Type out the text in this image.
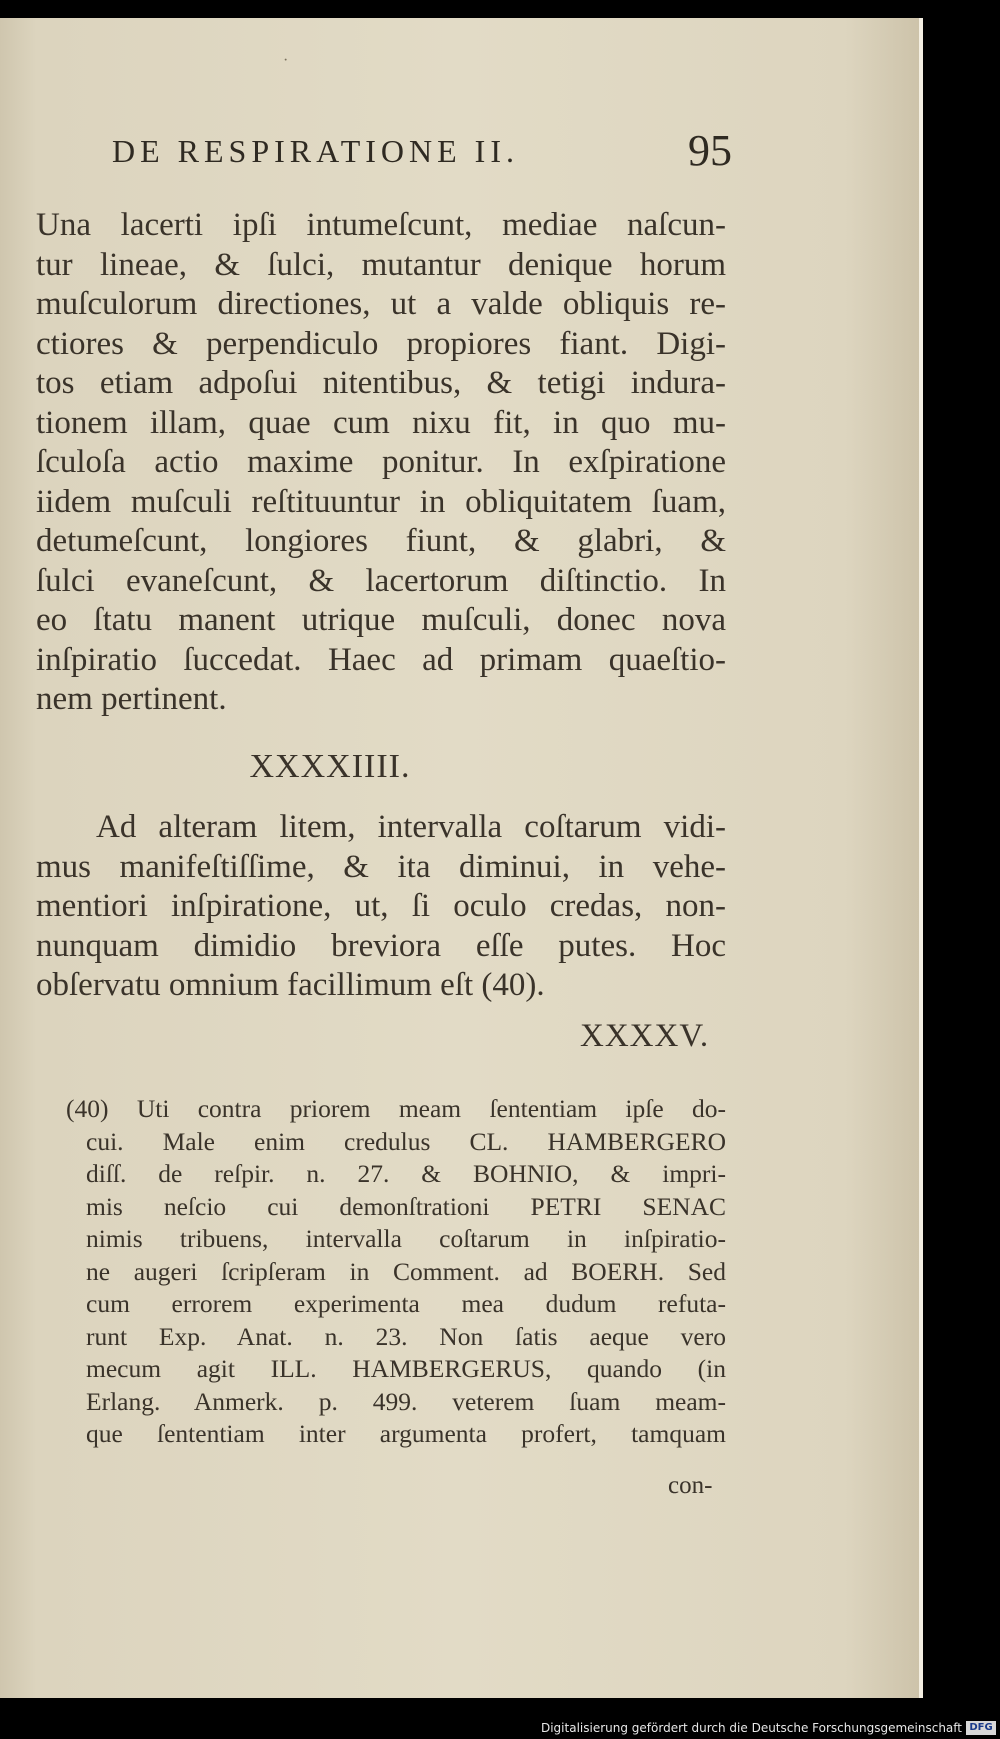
·
DE RESPIRATIONE II.	95
Una lacerti ipſi intumeſcunt, mediae naſcun-
tur lineae, & ſulci, mutantur denique horum
muſculorum directiones, ut a valde obliquis re-
ctiores & perpendiculo propiores fiant. Digi-
tos etiam adpoſui nitentibus, & tetigi indura-
tionem illam, quae cum nixu fit, in quo mu-
ſculoſa actio maxime ponitur. In exſpiratione
iidem muſculi reſtituuntur in obliquitatem ſuam,
detumeſcunt, longiores fiunt, & glabri, &
ſulci evaneſcunt, & lacertorum diſtinctio. In
eo ſtatu manent utrique muſculi, donec nova
inſpiratio ſuccedat. Haec ad primam quaeſtio-
nem pertinent.
XXXXIIII.
Ad alteram litem, intervalla coſtarum vidi-
mus manifeſtiſſime, & ita diminui, in vehe-
mentiori inſpiratione, ut, ſi oculo credas, non-
nunquam dimidio breviora eſſe putes. Hoc
obſervatu omnium facillimum eſt (40).
XXXXV.
(40) Uti contra priorem meam ſententiam ipſe do-
cui. Male enim credulus CL. HAMBERGERO
diſſ. de reſpir. n. 27. & BOHNIO, & impri-
mis neſcio cui demonſtrationi PETRI SENAC
nimis tribuens, intervalla coſtarum in inſpiratio-
ne augeri ſcripſeram in Comment. ad BOERH. Sed
cum errorem experimenta mea dudum refuta-
runt Exp. Anat. n. 23. Non ſatis aeque vero
mecum agit ILL. HAMBERGERUS, quando (in
Erlang. Anmerk. p. 499. veterem ſuam meam-
que ſententiam inter argumenta profert, tamquam
con-
Digitalisierung gefördert durch die Deutsche Forschungsgemeinschaft DFG
